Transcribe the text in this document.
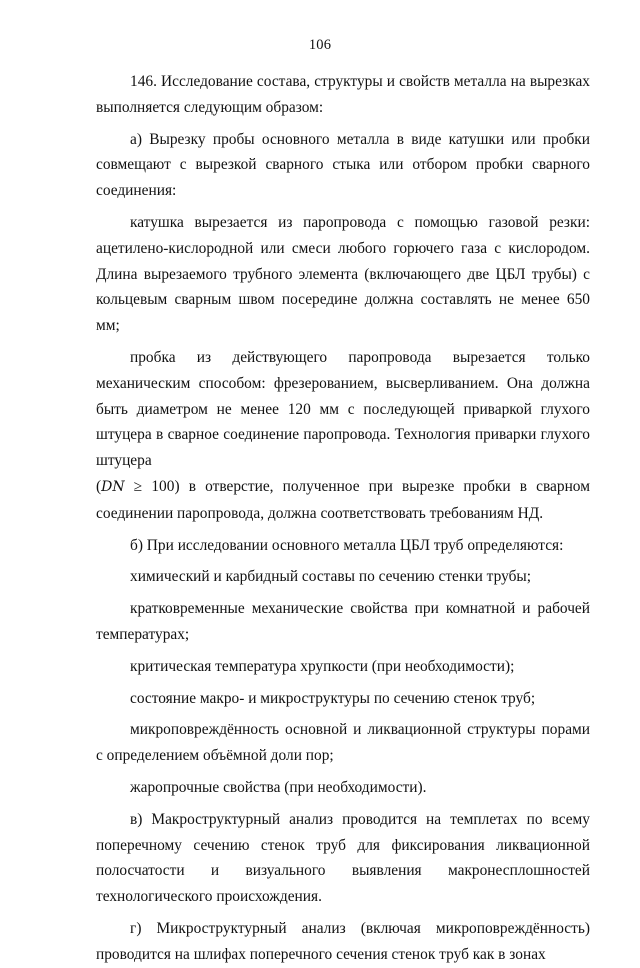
106

146. Исследование состава, структуры и свойств металла на вырезках выполняется следующим образом:

а) Вырезку пробы основного металла в виде катушки или пробки совмещают с вырезкой сварного стыка или отбором пробки сварного соединения:

катушка вырезается из паропровода с помощью газовой резки: ацетилено-кислородной или смеси любого горючего газа с кислородом. Длина вырезаемого трубного элемента (включающего две ЦБЛ трубы) с кольцевым сварным швом посередине должна составлять не менее 650 мм;

пробка из действующего паропровода вырезается только механическим способом: фрезерованием, высверливанием. Она должна быть диаметром не менее 120 мм с последующей приваркой глухого штуцера в сварное соединение паропровода. Технология приварки глухого штуцера

(DN ≥ 100) в отверстие, полученное при вырезке пробки в сварном соединении паропровода, должна соответствовать требованиям НД.

б) При исследовании основного металла ЦБЛ труб определяются:

химический и карбидный составы по сечению стенки трубы;

кратковременные механические свойства при комнатной и рабочей температурах;

критическая температура хрупкости (при необходимости);

состояние макро- и микроструктуры по сечению стенок труб;

микроповреждённость основной и ликвационной структуры порами с определением объёмной доли пор;

жаропрочные свойства (при необходимости).

в) Макроструктурный анализ проводится на темплетах по всему поперечному сечению стенок труб для фиксирования ликвационной полосчатости и визуального выявления макронесплошностей технологического происхождения.

г) Микроструктурный анализ (включая микроповреждённость) проводится на шлифах поперечного сечения стенок труб как в зонах
